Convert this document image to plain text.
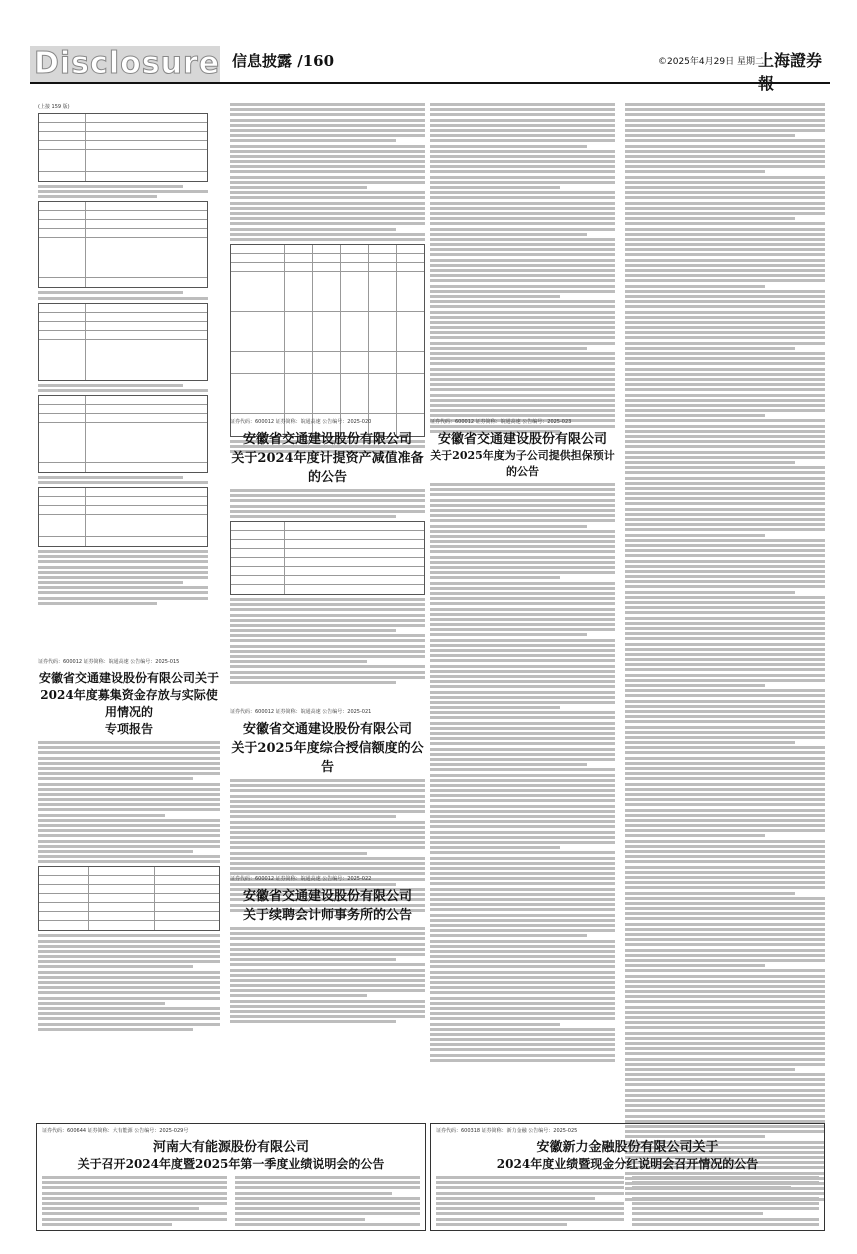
Disclosure 信息披露 /160	©2025年4月29日 星期二
上海證券報
(上接 159 版)
证券代码：600012 证券简称：皖通高速 公告编号：2025-015
安徽省交通建设股份有限公司关于
2024年度募集资金存放与实际使用情况的
专项报告
证券代码：600012 证券简称：皖通高速 公告编号：2025-020
安徽省交通建设股份有限公司
关于2024年度计提资产减值准备的公告
证券代码：600012 证券简称：皖通高速 公告编号：2025-021
安徽省交通建设股份有限公司
关于2025年度综合授信额度的公告
证券代码：600012 证券简称：皖通高速 公告编号：2025-022
安徽省交通建设股份有限公司
关于续聘会计师事务所的公告
证券代码：600012 证券简称：皖通高速 公告编号：2025-023
安徽省交通建设股份有限公司
关于2025年度为子公司提供担保预计的公告
证券代码：600644 证券简称：大有能源 公告编号：2025-029号
河南大有能源股份有限公司
关于召开2024年度暨2025年第一季度业绩说明会的公告
证券代码：600318 证券简称：新力金融 公告编号：2025-025
安徽新力金融股份有限公司关于
2024年度业绩暨现金分红说明会召开情况的公告
